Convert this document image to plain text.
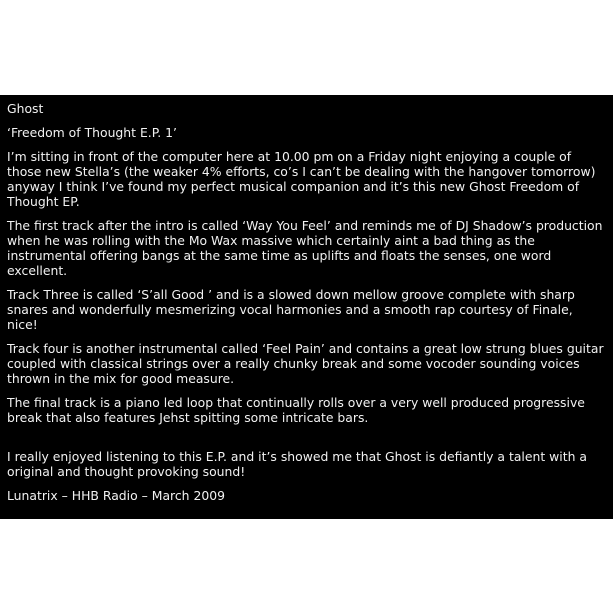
Ghost

‘Freedom of Thought E.P. 1’

I’m sitting in front of the computer here at 10.00 pm on a Friday night enjoying a couple of those new Stella’s (the weaker 4% efforts, co’s I can’t be dealing with the hangover tomorrow) anyway I think I’ve found my perfect musical companion and it’s this new Ghost Freedom of Thought EP.

The first track after the intro is called ‘Way You Feel’ and reminds me of DJ Shadow’s production when he was rolling with the Mo Wax massive which certainly aint a bad thing as the instrumental offering bangs at the same time as uplifts and floats the senses, one word excellent.

Track Three is called ‘S’all Good ’ and is a slowed down mellow groove complete with sharp snares and wonderfully mesmerizing vocal harmonies and a smooth rap courtesy of Finale, nice!

Track four is another instrumental called ‘Feel Pain’ and contains a great low strung blues guitar coupled with classical strings over a really chunky break and some vocoder sounding voices thrown in the mix for good measure.

The final track is a piano led loop that continually rolls over a very well produced progressive break that also features Jehst spitting some intricate bars.

I really enjoyed listening to this E.P. and it’s showed me that Ghost is defiantly a talent with a original and thought provoking sound!

Lunatrix – HHB Radio – March 2009
